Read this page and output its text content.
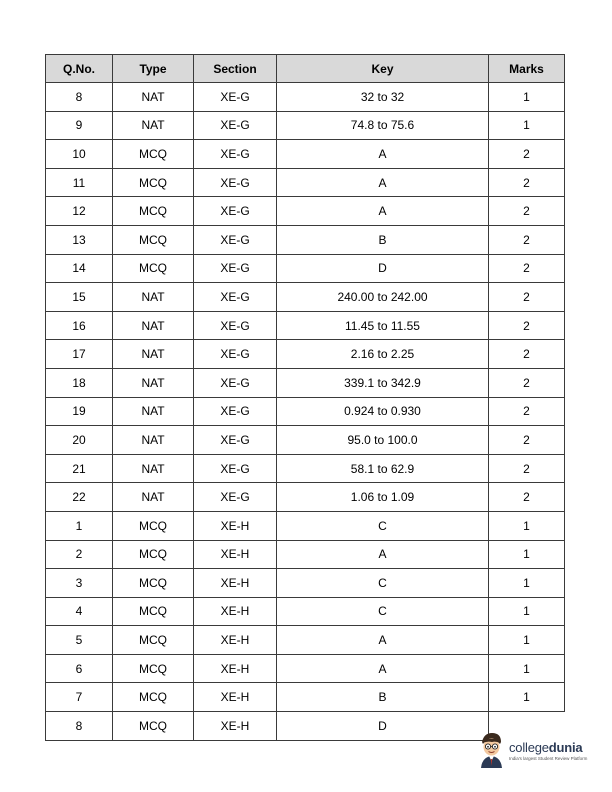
Q.No.	Type	Section	Key	Marks
8	NAT	XE-G	32 to 32	1
9	NAT	XE-G	74.8 to 75.6	1
10	MCQ	XE-G	A	2
11	MCQ	XE-G	A	2
12	MCQ	XE-G	A	2
13	MCQ	XE-G	B	2
14	MCQ	XE-G	D	2
15	NAT	XE-G	240.00 to 242.00	2
16	NAT	XE-G	11.45 to 11.55	2
17	NAT	XE-G	2.16 to 2.25	2
18	NAT	XE-G	339.1 to 342.9	2
19	NAT	XE-G	0.924 to 0.930	2
20	NAT	XE-G	95.0 to 100.0	2
21	NAT	XE-G	58.1 to 62.9	2
22	NAT	XE-G	1.06 to 1.09	2
1	MCQ	XE-H	C	1
2	MCQ	XE-H	A	1
3	MCQ	XE-H	C	1
4	MCQ	XE-H	C	1
5	MCQ	XE-H	A	1
6	MCQ	XE-H	A	1
7	MCQ	XE-H	B	1
8	MCQ	XE-H	D	
collegedunia
India's largest Student Review Platform
